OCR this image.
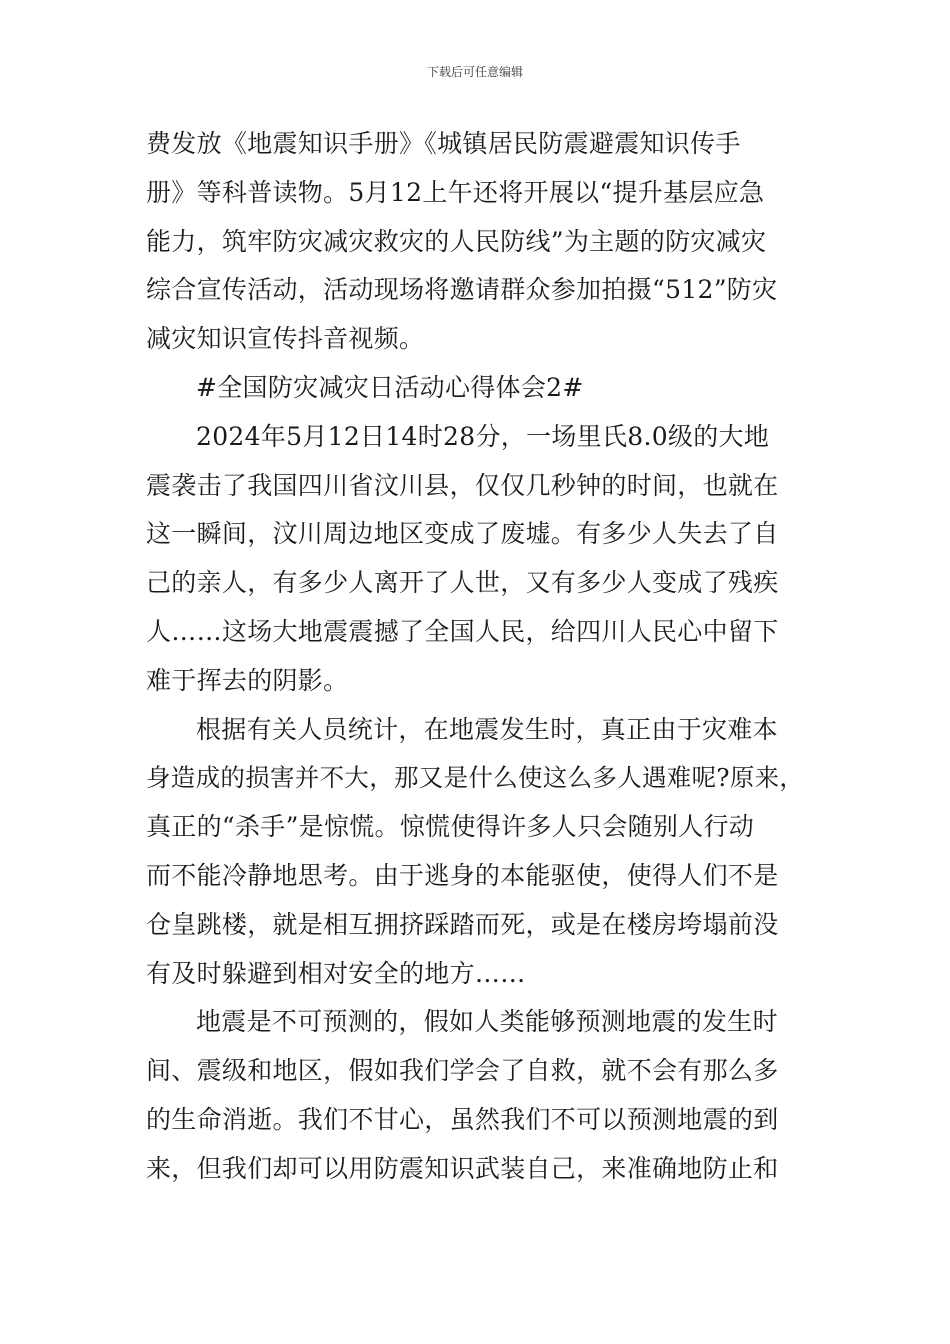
下载后可任意编辑
费发放《地震知识手册》《城镇居民防震避震知识传手
册》等科普读物。5月12上午还将开展以“提升基层应急
能力，筑牢防灾减灾救灾的人民防线”为主题的防灾减灾
综合宣传活动，活动现场将邀请群众参加拍摄“512”防灾
减灾知识宣传抖音视频。
#全国防灾减灾日活动心得体会2#
2024年5月12日14时28分，一场里氏8.0级的大地
震袭击了我国四川省汶川县，仅仅几秒钟的时间，也就在
这一瞬间，汶川周边地区变成了废墟。有多少人失去了自
己的亲人，有多少人离开了人世，又有多少人变成了残疾
人……这场大地震震撼了全国人民，给四川人民心中留下
难于挥去的阴影。
根据有关人员统计，在地震发生时，真正由于灾难本
身造成的损害并不大，那又是什么使这么多人遇难呢?原来，
真正的“杀手”是惊慌。惊慌使得许多人只会随别人行动
而不能冷静地思考。由于逃身的本能驱使，使得人们不是
仓皇跳楼，就是相互拥挤踩踏而死，或是在楼房垮塌前没
有及时躲避到相对安全的地方……
地震是不可预测的，假如人类能够预测地震的发生时
间、震级和地区，假如我们学会了自救，就不会有那么多
的生命消逝。我们不甘心，虽然我们不可以预测地震的到
来，但我们却可以用防震知识武装自己，来准确地防止和
